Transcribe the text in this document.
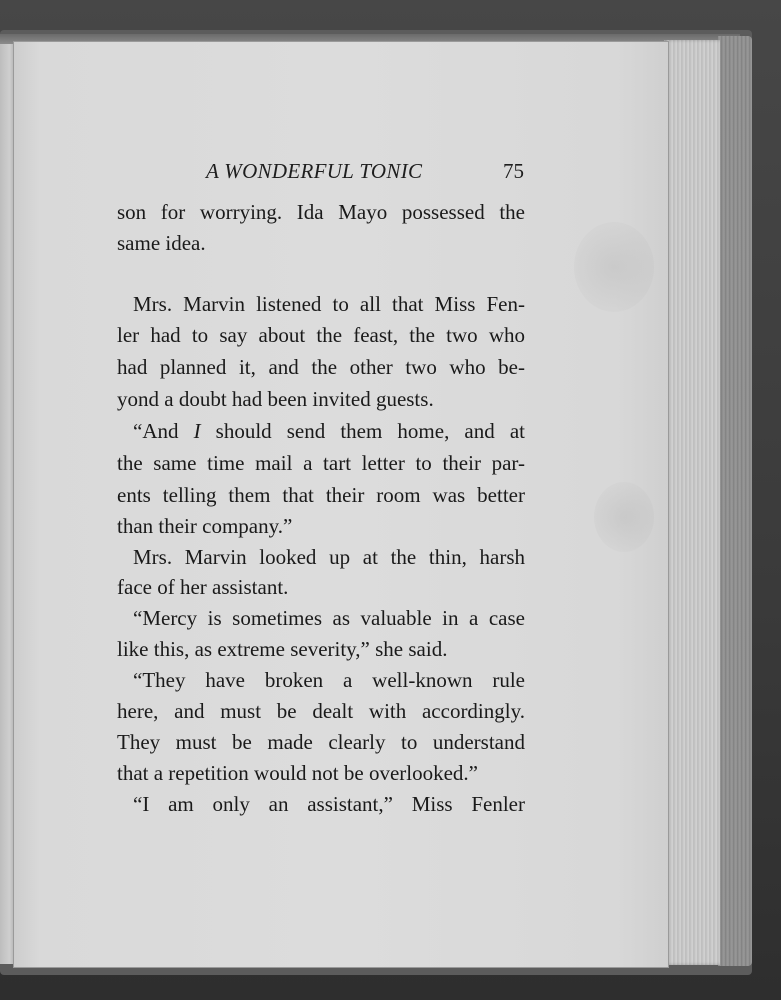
A WONDERFUL TONIC	75
son for worrying. Ida Mayo possessed the
same idea.
Mrs. Marvin listened to all that Miss Fen-
ler had to say about the feast, the two who
had planned it, and the other two who be-
yond a doubt had been invited guests.
“And I should send them home, and at
the same time mail a tart letter to their par-
ents telling them that their room was better
than their company.”
Mrs. Marvin looked up at the thin, harsh
face of her assistant.
“Mercy is sometimes as valuable in a case
like this, as extreme severity,” she said.
“They have broken a well-known rule
here, and must be dealt with accordingly.
They must be made clearly to understand
that a repetition would not be overlooked.”
“I am only an assistant,” Miss Fenler
